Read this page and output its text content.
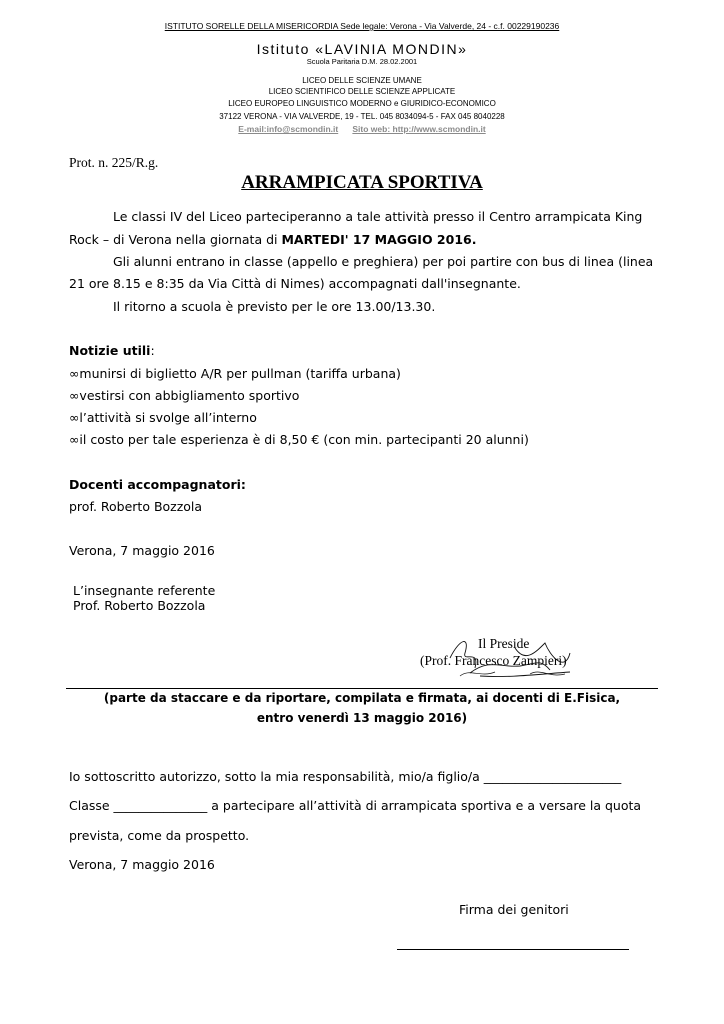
ISTITUTO SORELLE DELLA MISERICORDIA Sede legale: Verona - Via Valverde, 24 - c.f. 00229190236
Istituto «LAVINIA MONDIN»
Scuola Paritaria D.M. 28.02.2001
LICEO DELLE SCIENZE UMANE
LICEO SCIENTIFICO DELLE SCIENZE APPLICATE
LICEO EUROPEO LINGUISTICO MODERNO e GIURIDICO-ECONOMICO
37122 VERONA - VIA VALVERDE, 19 - TEL. 045 8034094-5 - FAX 045 8040228
E-mail:info@scmondin.it Sito web: http://www.scmondin.it
Prot. n. 225/R.g.
ARRAMPICATA SPORTIVA
Le classi IV del Liceo parteciperanno a tale attività presso il Centro arrampicata King
Rock – di Verona nella giornata di MARTEDI' 17 MAGGIO 2016.
Gli alunni entrano in classe (appello e preghiera) per poi partire con bus di linea (linea
21 ore 8.15 e 8:35 da Via Città di Nimes) accompagnati dall'insegnante.
Il ritorno a scuola è previsto per le ore 13.00/13.30.
Notizie utili:
∞munirsi di biglietto A/R per pullman (tariffa urbana)
∞vestirsi con abbigliamento sportivo
∞l’attività si svolge all’interno
∞il costo per tale esperienza è di 8,50 € (con min. partecipanti 20 alunni)
Docenti accompagnatori:
prof. Roberto Bozzola
Verona, 7 maggio 2016
L’insegnante referente
Prof. Roberto Bozzola
Il Preside
(Prof. Francesco Zampieri)
(parte da staccare e da riportare, compilata e firmata, ai docenti di E.Fisica,
entro venerdì 13 maggio 2016)
Io sottoscritto autorizzo, sotto la mia responsabilità, mio/a figlio/a ______________________
Classe _______________ a partecipare all’attività di arrampicata sportiva e a versare la quota
prevista, come da prospetto.
Verona, 7 maggio 2016
Firma dei genitori
